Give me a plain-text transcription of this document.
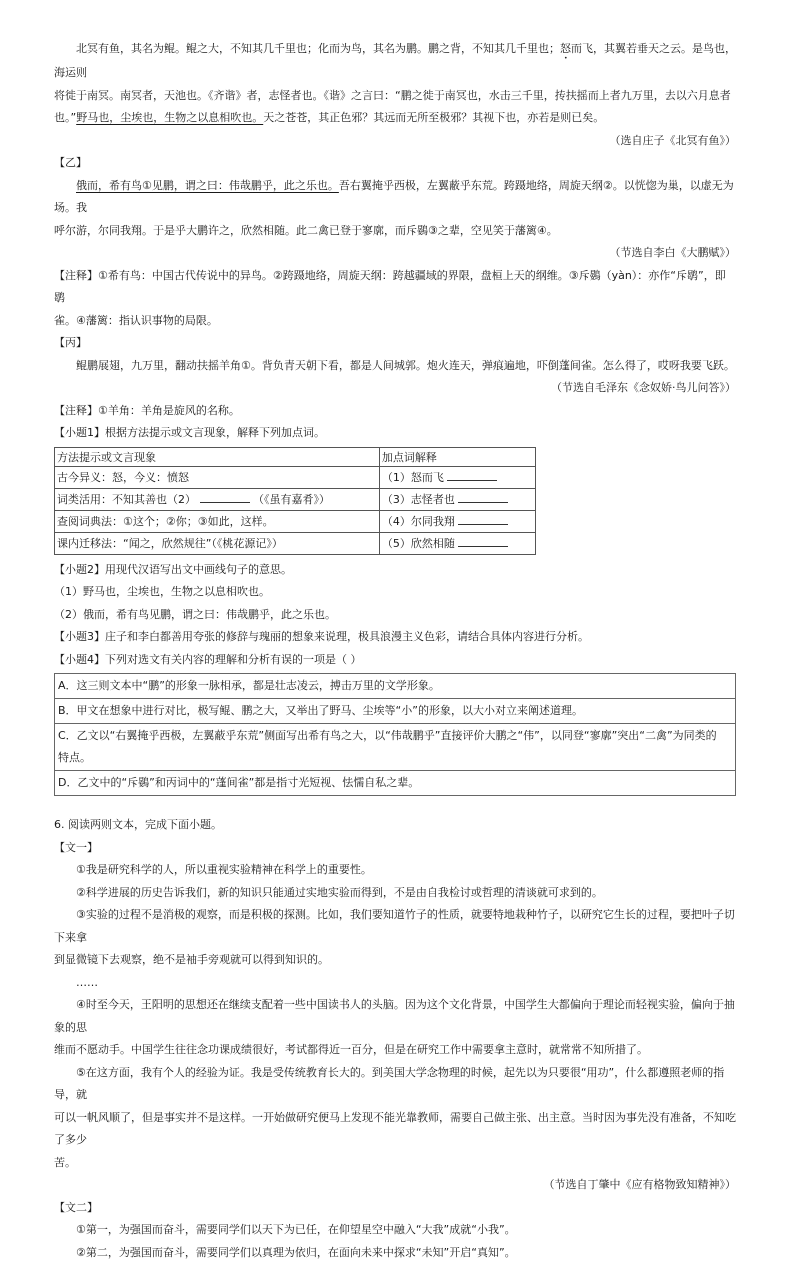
北冥有鱼，其名为鲲。鲲之大，不知其几千里也；化而为鸟，其名为鹏。鹏之背，不知其几千里也；怒而飞，其翼若垂天之云。是鸟也，海运则

将徙于南冥。南冥者，天池也。《齐谐》者，志怪者也。《谐》之言曰：“鹏之徙于南冥也，水击三千里，抟扶摇而上者九万里，去以六月息者

也。”野马也，尘埃也，生物之以息相吹也。天之苍苍，其正色邪？其远而无所至极邪？其视下也，亦若是则已矣。

（选自庄子《北冥有鱼》）

【乙】

俄而，希有鸟①见鹏，谓之曰：伟哉鹏乎，此之乐也。吾右翼掩乎西极，左翼蔽乎东荒。跨蹑地络，周旋天纲②。以恍惚为巢，以虚无为场。我

呼尔游，尔同我翔。于是乎大鹏许之，欣然相随。此二禽已登于寥廓，而斥鷃③之辈，空见笑于藩篱④。

（节选自李白《大鹏赋》）

【注释】①希有鸟：中国古代传说中的异鸟。②跨蹑地络，周旋天纲：跨越疆域的界限，盘桓上天的纲维。③斥鷃（yàn）：亦作“斥鹖”，即鹖

雀。④藩篱：指认识事物的局限。

【丙】

鲲鹏展翅，九万里，翻动扶摇羊角①。背负青天朝下看，都是人间城郭。炮火连天，弹痕遍地，吓倒蓬间雀。怎么得了，哎呀我要飞跃。

（节选自毛泽东《念奴娇·鸟儿问答》）

【注释】①羊角：羊角是旋风的名称。

【小题1】根据方法提示或文言现象，解释下列加点词。

方法提示或文言现象	加点词解释
古今异义：怒，今义：愤怒	（1）怒而飞
词类活用：不知其善也（2） （《虽有嘉肴》）	（3）志怪者也
查阅词典法：①这个；②你；③如此，这样。	（4）尔同我翔
课内迁移法：“闻之，欣然规往”（《桃花源记》）	（5）欣然相随

【小题2】用现代汉语写出文中画线句子的意思。

（1）野马也，尘埃也，生物之以息相吹也。

（2）俄而，希有鸟见鹏，谓之曰：伟哉鹏乎，此之乐也。

【小题3】庄子和李白都善用夸张的修辞与瑰丽的想象来说理，极具浪漫主义色彩，请结合具体内容进行分析。

【小题4】下列对选文有关内容的理解和分析有误的一项是（ ）

A．这三则文本中“鹏”的形象一脉相承，都是壮志凌云，搏击万里的文学形象。
B．甲文在想象中进行对比，极写鲲、鹏之大，又举出了野马、尘埃等“小”的形象，以大小对立来阐述道理。

C．乙文以“右翼掩乎西极，左翼蔽乎东荒”侧面写出希有鸟之大，以“伟哉鹏乎”直接评价大鹏之“伟”，以同登“寥廓”突出“二禽”为同类的
特点。

D．乙文中的“斥鷃”和丙词中的“蓬间雀”都是指寸光短视、怯懦自私之辈。

6. 阅读两则文本，完成下面小题。

【文一】

①我是研究科学的人，所以重视实验精神在科学上的重要性。

②科学进展的历史告诉我们，新的知识只能通过实地实验而得到，不是由自我检讨或哲理的清谈就可求到的。

③实验的过程不是消极的观察，而是积极的探测。比如，我们要知道竹子的性质，就要特地栽种竹子，以研究它生长的过程，要把叶子切下来拿

到显微镜下去观察，绝不是袖手旁观就可以得到知识的。

……

④时至今天，王阳明的思想还在继续支配着一些中国读书人的头脑。因为这个文化背景，中国学生大都偏向于理论而轻视实验，偏向于抽象的思

维而不愿动手。中国学生往往念功课成绩很好，考试都得近一百分，但是在研究工作中需要拿主意时，就常常不知所措了。

⑤在这方面，我有个人的经验为证。我是受传统教育长大的。到美国大学念物理的时候，起先以为只要很“用功”，什么都遵照老师的指导，就

可以一帆风顺了，但是事实并不是这样。一开始做研究便马上发现不能光靠教师，需要自己做主张、出主意。当时因为事先没有准备，不知吃了多少

苦。

（节选自丁肇中《应有格物致知精神》）

【文二】

①第一，为强国而奋斗，需要同学们以天下为已任，在仰望星空中融入“大我”成就“小我”。

②第二，为强国而奋斗，需要同学们以真理为依归，在面向未来中探求“未知”开启“真知”。
